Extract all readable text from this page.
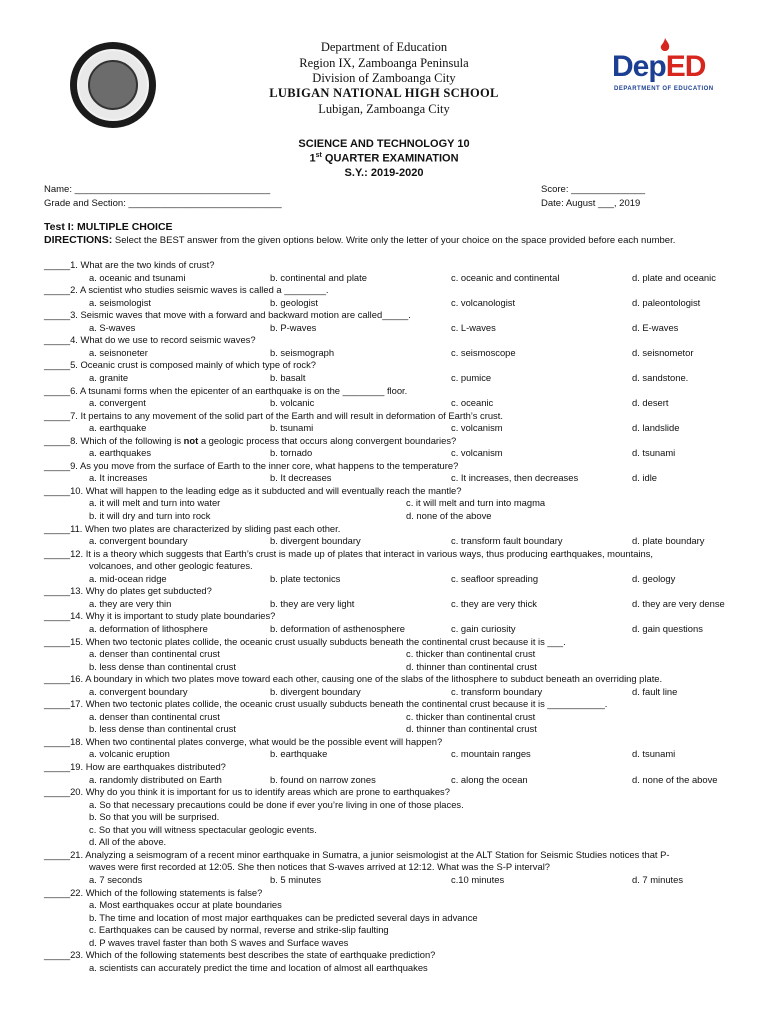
DepED
DEPARTMENT OF EDUCATION
Department of Education
Region IX, Zamboanga Peninsula
Division of Zamboanga City
LUBIGAN NATIONAL HIGH SCHOOL
Lubigan, Zamboanga City
SCIENCE AND TECHNOLOGY 10
1st QUARTER EXAMINATION
S.Y.: 2019-2020
Name: _____________________________________
Grade and Section: _____________________________
Score: ______________
Date: August ___, 2019
Test I: MULTIPLE CHOICE
DIRECTIONS: Select the BEST answer from the given options below. Write only the letter of your choice on the space provided before each number.
_____1. What are the two kinds of crust?
a. oceanic and tsunami	b. continental and plate	c. oceanic and continental	d. plate and oceanic
_____2. A scientist who studies seismic waves is called a ________.
a. seismologist	b. geologist	c. volcanologist	d. paleontologist
_____3. Seismic waves that move with a forward and backward motion are called_____.
a. S-waves	b. P-waves	c. L-waves	d. E-waves
_____4. What do we use to record seismic waves?
a. seisnoneter	b. seismograph	c. seismoscope	d. seisnometor
_____5. Oceanic crust is composed mainly of which type of rock?
a. granite	b. basalt	c. pumice	d. sandstone.
_____6. A tsunami forms when the epicenter of an earthquake is on the ________ floor.
a. convergent	b. volcanic	c. oceanic	d. desert
_____7. It pertains to any movement of the solid part of the Earth and will result in deformation of Earth’s crust.
a. earthquake	b. tsunami	c. volcanism	d. landslide
_____8. Which of the following is not a geologic process that occurs along convergent boundaries?
a. earthquakes	b. tornado	c. volcanism	d. tsunami
_____9. As you move from the surface of Earth to the inner core, what happens to the temperature?
a. It increases	b. It decreases	c. It increases, then decreases	d. idle
_____10. What will happen to the leading edge as it subducted and will eventually reach the mantle?
a. it will melt and turn into water	c. it will melt and turn into magma
b. it will dry and turn into rock	d. none of the above
_____11. When two plates are characterized by sliding past each other.
a. convergent boundary	b. divergent boundary	c. transform fault boundary	d. plate boundary
_____12. It is a theory which suggests that Earth’s crust is made up of plates that interact in various ways, thus producing earthquakes, mountains,
volcanoes, and other geologic features.
a. mid-ocean ridge	b. plate tectonics	c. seafloor spreading	d. geology
_____13. Why do plates get subducted?
a. they are very thin	b. they are very light	c. they are very thick	d. they are very dense
_____14. Why it is important to study plate boundaries?
a. deformation of lithosphere	b. deformation of asthenosphere	c. gain curiosity	d. gain questions
_____15. When two tectonic plates collide, the oceanic crust usually subducts beneath the continental crust because it is ___.
a. denser than continental crust	c. thicker than continental crust
b. less dense than continental crust	d. thinner than continental crust
_____16. A boundary in which two plates move toward each other, causing one of the slabs of the lithosphere to subduct beneath an overriding plate.
a. convergent boundary	b. divergent boundary	c. transform boundary	d. fault line
_____17. When two tectonic plates collide, the oceanic crust usually subducts beneath the continental crust because it is ___________.
a. denser than continental crust	c. thicker than continental crust
b. less dense than continental crust	d. thinner than continental crust
_____18. When two continental plates converge, what would be the possible event will happen?
a. volcanic eruption	b. earthquake	c. mountain ranges	d. tsunami
_____19. How are earthquakes distributed?
a. randomly distributed on Earth	b. found on narrow zones	c. along the ocean	d. none of the above
_____20. Why do you think it is important for us to identify areas which are prone to earthquakes?
a. So that necessary precautions could be done if ever you’re living in one of those places.
b. So that you will be surprised.
c. So that you will witness spectacular geologic events.
d. All of the above.
_____21. Analyzing a seismogram of a recent minor earthquake in Sumatra, a junior seismologist at the ALT Station for Seismic Studies notices that P-
waves were first recorded at 12:05. She then notices that S-waves arrived at 12:12. What was the S-P interval?
a. 7 seconds	b. 5 minutes	c.10 minutes	d. 7 minutes
_____22. Which of the following statements is false?
a. Most earthquakes occur at plate boundaries
b. The time and location of most major earthquakes can be predicted several days in advance
c. Earthquakes can be caused by normal, reverse and strike-slip faulting
d. P waves travel faster than both S waves and Surface waves
_____23. Which of the following statements best describes the state of earthquake prediction?
a. scientists can accurately predict the time and location of almost all earthquakes
